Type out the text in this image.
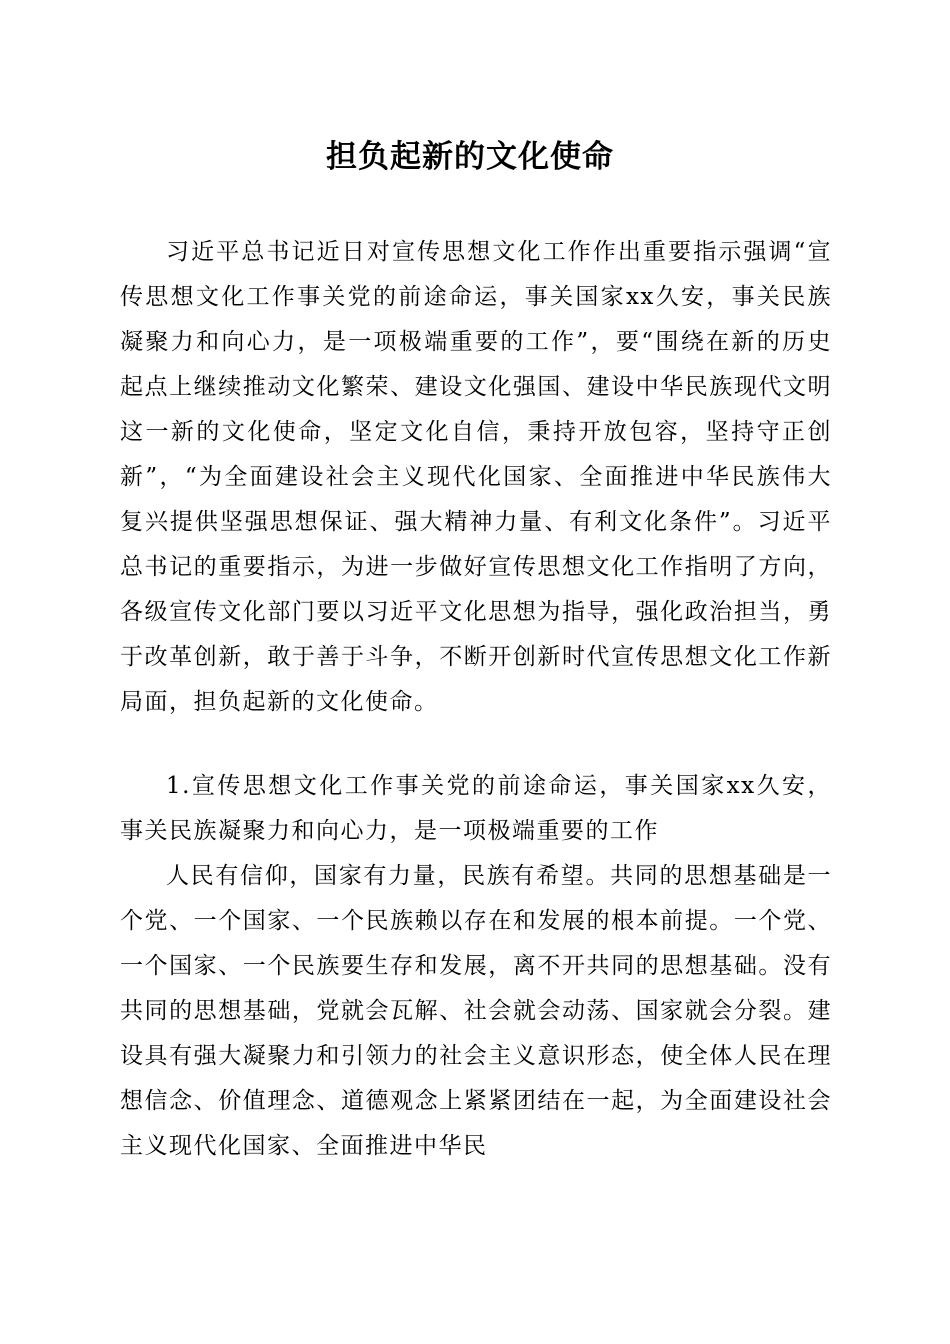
担负起新的文化使命

习近平总书记近日对宣传思想文化工作作出重要指示强调“宣传思想文化工作事关党的前途命运，事关国家xx久安，事关民族凝聚力和向心力，是一项极端重要的工作”，要“围绕在新的历史起点上继续推动文化繁荣、建设文化强国、建设中华民族现代文明这一新的文化使命，坚定文化自信，秉持开放包容，坚持守正创新”，“为全面建设社会主义现代化国家、全面推进中华民族伟大复兴提供坚强思想保证、强大精神力量、有利文化条件”。习近平总书记的重要指示，为进一步做好宣传思想文化工作指明了方向，各级宣传文化部门要以习近平文化思想为指导，强化政治担当，勇于改革创新，敢于善于斗争，不断开创新时代宣传思想文化工作新局面，担负起新的文化使命。

1.宣传思想文化工作事关党的前途命运，事关国家xx久安，事关民族凝聚力和向心力，是一项极端重要的工作

人民有信仰，国家有力量，民族有希望。共同的思想基础是一个党、一个国家、一个民族赖以存在和发展的根本前提。一个党、一个国家、一个民族要生存和发展，离不开共同的思想基础。没有共同的思想基础，党就会瓦解、社会就会动荡、国家就会分裂。建设具有强大凝聚力和引领力的社会主义意识形态，使全体人民在理想信念、价值理念、道德观念上紧紧团结在一起，为全面建设社会主义现代化国家、全面推进中华民
